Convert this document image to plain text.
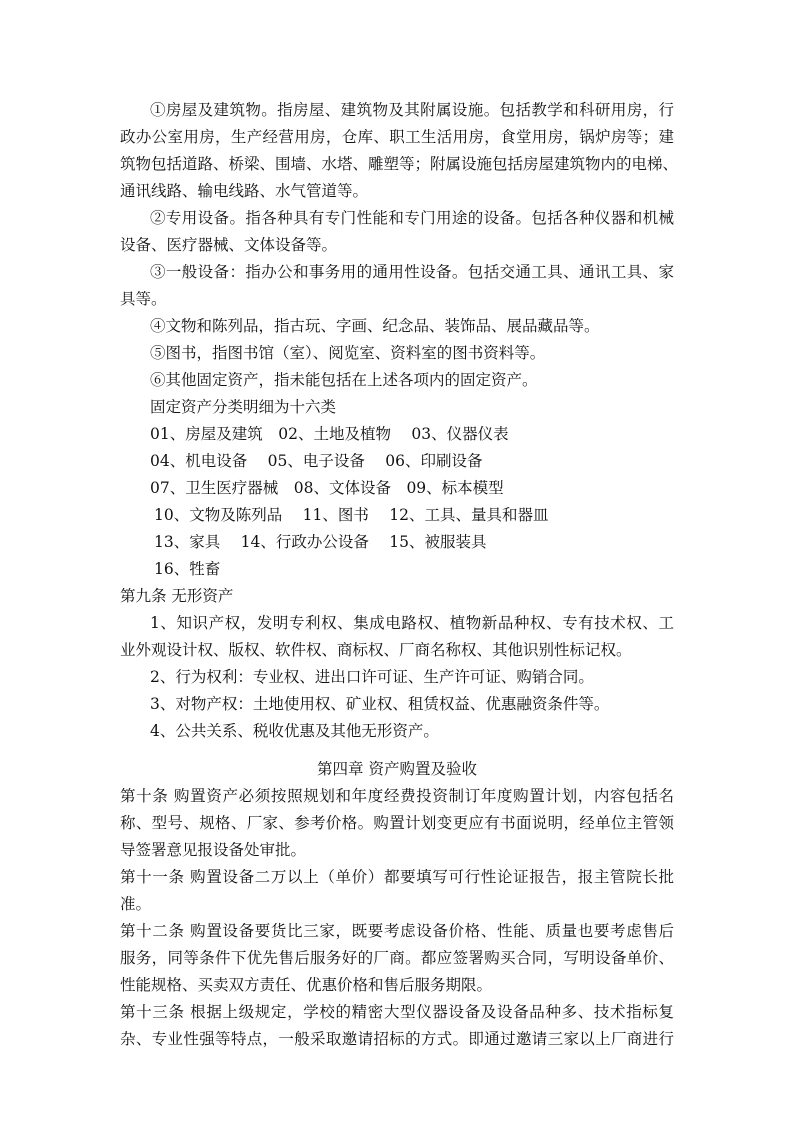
①房屋及建筑物。指房屋、建筑物及其附属设施。包括教学和科研用房，行
政办公室用房，生产经营用房，仓库、职工生活用房，食堂用房，锅炉房等；建
筑物包括道路、桥梁、围墙、水塔、雕塑等；附属设施包括房屋建筑物内的电梯、
通讯线路、输电线路、水气管道等。
②专用设备。指各种具有专门性能和专门用途的设备。包括各种仪器和机械
设备、医疗器械、文体设备等。
③一般设备：指办公和事务用的通用性设备。包括交通工具、通讯工具、家
具等。
④文物和陈列品，指古玩、字画、纪念品、装饰品、展品藏品等。
⑤图书，指图书馆（室）、阅览室、资料室的图书资料等。
⑥其他固定资产，指未能包括在上述各项内的固定资产。
固定资产分类明细为十六类
01、房屋及建筑　02、土地及植物　 03、仪器仪表
04、机电设备　 05、电子设备　 06、印刷设备
07、卫生医疗器械　08、文体设备　09、标本模型
10、文物及陈列品　 11、图书　 12、工具、量具和器皿
13、家具　 14、行政办公设备　 15、被服装具
16、牲畜
第九条 无形资产
1、知识产权，发明专利权、集成电路权、植物新品种权、专有技术权、工
业外观设计权、版权、软件权、商标权、厂商名称权、其他识别性标记权。
2、行为权利：专业权、进出口许可证、生产许可证、购销合同。
3、对物产权：土地使用权、矿业权、租赁权益、优惠融资条件等。
4、公共关系、税收优惠及其他无形资产。
第四章 资产购置及验收
第十条 购置资产必须按照规划和年度经费投资制订年度购置计划，内容包括名
称、型号、规格、厂家、参考价格。购置计划变更应有书面说明，经单位主管领
导签署意见报设备处审批。
第十一条 购置设备二万以上（单价）都要填写可行性论证报告，报主管院长批
准。
第十二条 购置设备要货比三家，既要考虑设备价格、性能、质量也要考虑售后
服务，同等条件下优先售后服务好的厂商。都应签署购买合同，写明设备单价、
性能规格、买卖双方责任、优惠价格和售后服务期限。
第十三条 根据上级规定，学校的精密大型仪器设备及设备品种多、技术指标复
杂、专业性强等特点，一般采取邀请招标的方式。即通过邀请三家以上厂商进行
